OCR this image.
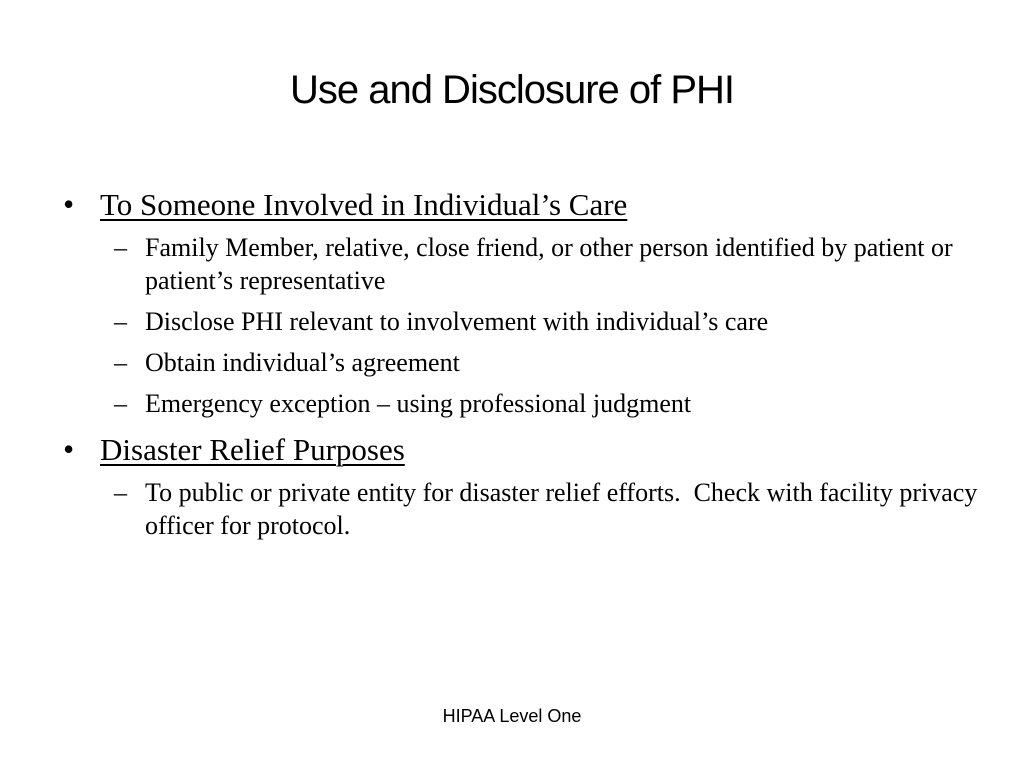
Use and Disclosure of PHI
• To Someone Involved in Individual’s Care
– Family Member, relative, close friend, or other person identified by patient or patient’s representative
– Disclose PHI relevant to involvement with individual’s care
– Obtain individual’s agreement
– Emergency exception – using professional judgment
• Disaster Relief Purposes
– To public or private entity for disaster relief efforts.  Check with facility privacy officer for protocol.
HIPAA Level One
